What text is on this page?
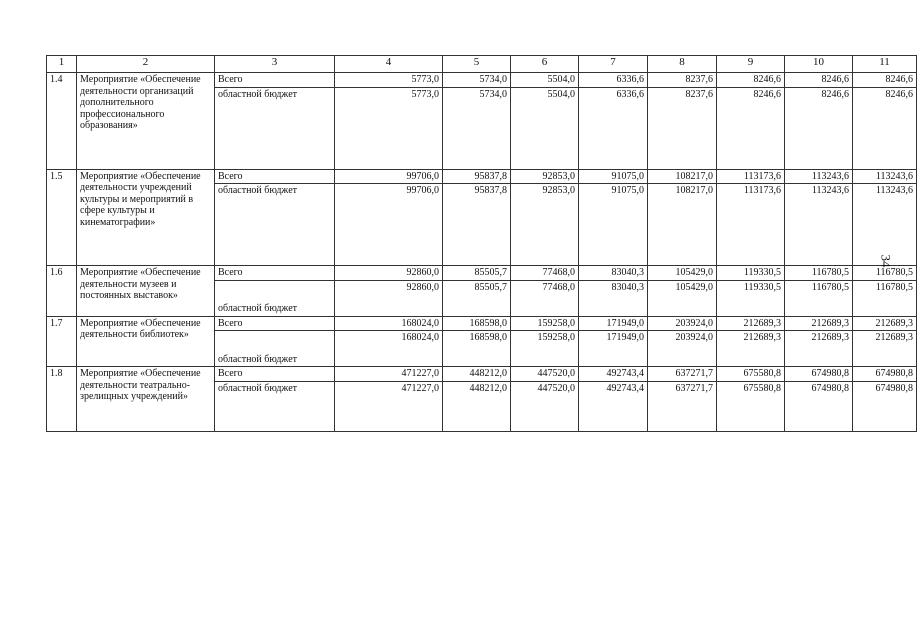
1	2	3	4	5	6	7	8	9	10	11
1.4	Мероприятие «Обеспечение деятельности организаций дополнительного профессионального образования»	Всего	5773,0	5734,0	5504,0	6336,6	8237,6	8246,6	8246,6	8246,6
		областной бюджет	5773,0	5734,0	5504,0	6336,6	8237,6	8246,6	8246,6	8246,6
1.5	Мероприятие «Обеспечение деятельности учреждений культуры и мероприятий в сфере культуры и кинематографии»	Всего	99706,0	95837,8	92853,0	91075,0	108217,0	113173,6	113243,6	113243,6
		областной бюджет	99706,0	95837,8	92853,0	91075,0	108217,0	113173,6	113243,6	113243,6
1.6	Мероприятие «Обеспечение деятельности музеев и постоянных выставок»	Всего	92860,0	85505,7	77468,0	83040,3	105429,0	119330,5	116780,5	116780,5
		областной бюджет	92860,0	85505,7	77468,0	83040,3	105429,0	119330,5	116780,5	116780,5
1.7	Мероприятие «Обеспечение деятельности библиотек»	Всего	168024,0	168598,0	159258,0	171949,0	203924,0	212689,3	212689,3	212689,3
		областной бюджет	168024,0	168598,0	159258,0	171949,0	203924,0	212689,3	212689,3	212689,3
1.8	Мероприятие «Обеспечение деятельности театрально-зрелищных учреждений»	Всего	471227,0	448212,0	447520,0	492743,4	637271,7	675580,8	674980,8	674980,8
		областной бюджет	471227,0	448212,0	447520,0	492743,4	637271,7	675580,8	674980,8	674980,8
34
